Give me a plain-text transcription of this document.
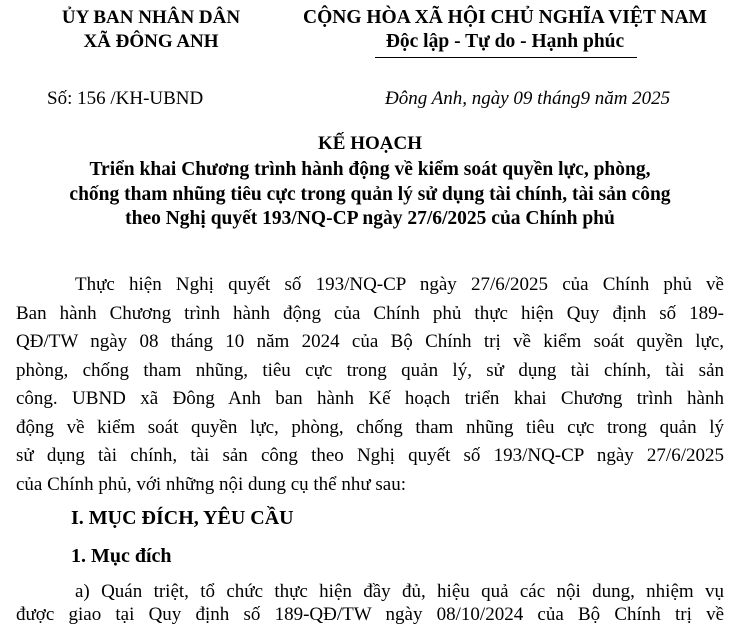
ỦY BAN NHÂN DÂN
XÃ ĐÔNG ANH
CỘNG HÒA XÃ HỘI CHỦ NGHĨA VIỆT NAM
Độc lập - Tự do - Hạnh phúc
Số: 156 /KH-UBND	Đông Anh, ngày 09 tháng9 năm 2025
KẾ HOẠCH
Triển khai Chương trình hành động về kiểm soát quyền lực, phòng,
chống tham nhũng tiêu cực trong quản lý sử dụng tài chính, tài sản công
theo Nghị quyết 193/NQ-CP ngày 27/6/2025 của Chính phủ
Thực hiện Nghị quyết số 193/NQ-CP ngày 27/6/2025 của Chính phủ về
Ban hành Chương trình hành động của Chính phủ thực hiện Quy định số 189-
QĐ/TW ngày 08 tháng 10 năm 2024 của Bộ Chính trị về kiểm soát quyền lực,
phòng, chống tham nhũng, tiêu cực trong quản lý, sử dụng tài chính, tài sản
công. UBND xã Đông Anh ban hành Kế hoạch triển khai Chương trình hành
động về kiểm soát quyền lực, phòng, chống tham nhũng tiêu cực trong quản lý
sử dụng tài chính, tài sản công theo Nghị quyết số 193/NQ-CP ngày 27/6/2025
của Chính phủ, với những nội dung cụ thể như sau:
I. MỤC ĐÍCH, YÊU CẦU
1. Mục đích
a) Quán triệt, tổ chức thực hiện đầy đủ, hiệu quả các nội dung, nhiệm vụ
được giao tại Quy định số 189-QĐ/TW ngày 08/10/2024 của Bộ Chính trị về
